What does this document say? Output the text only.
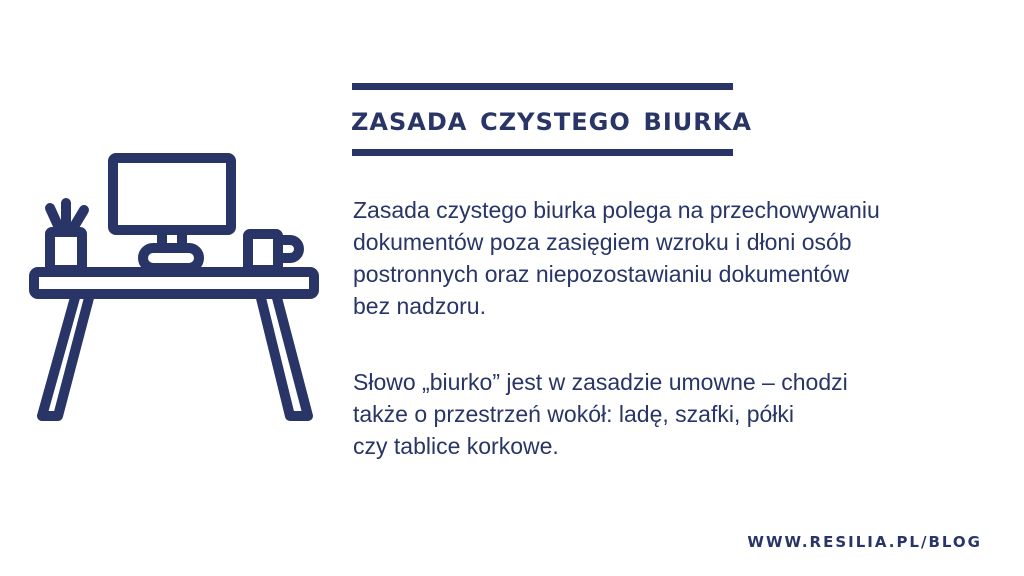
zasada czystego biurka

Zasada czystego biurka polega na przechowywaniu
dokumentów poza zasięgiem wzroku i dłoni osób
postronnych oraz niepozostawianiu dokumentów
bez nadzoru.

Słowo „biurko” jest w zasadzie umowne – chodzi
także o przestrzeń wokół: ladę, szafki, półki
czy tablice korkowe.

WWW.RESILIA.PL/BLOG
